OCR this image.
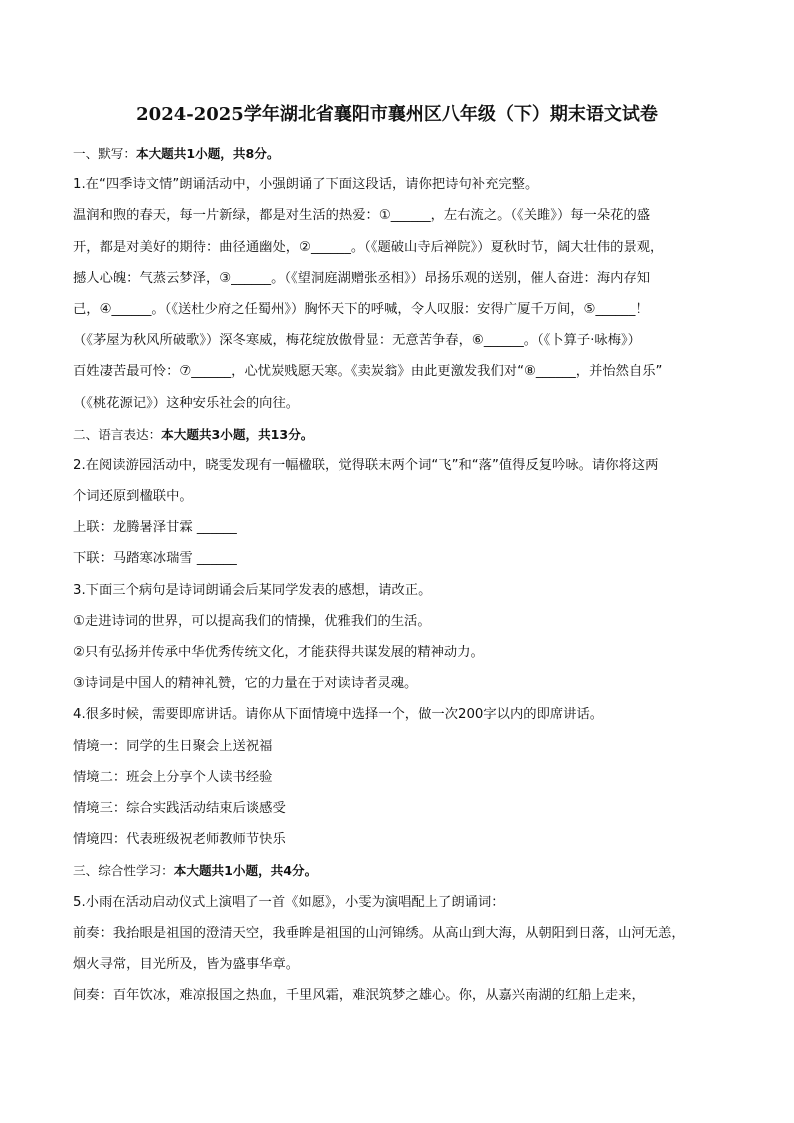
2024-2025学年湖北省襄阳市襄州区八年级（下）期末语文试卷
一、默写：本大题共1小题，共8分。
1.在“四季诗文情”朗诵活动中，小强朗诵了下面这段话，请你把诗句补充完整。
温润和煦的春天，每一片新绿，都是对生活的热爱：①______，左右流之。（《关雎》）每一朵花的盛
开，都是对美好的期待：曲径通幽处，②______。（《题破山寺后禅院》）夏秋时节，阔大壮伟的景观，
撼人心魄：气蒸云梦泽，③______。（《望洞庭湖赠张丞相》）昂扬乐观的送别，催人奋进：海内存知
己，④______。（《送杜少府之任蜀州》）胸怀天下的呼喊，令人叹服：安得广厦千万间，⑤______！
（《茅屋为秋风所破歌》）深冬寒威，梅花绽放傲骨显：无意苦争春，⑥______。（《卜算子·咏梅》）
百姓凄苦最可怜：⑦______，心忧炭贱愿天寒。《卖炭翁》由此更激发我们对“⑧______，并怡然自乐”
（《桃花源记》）这种安乐社会的向往。
二、语言表达：本大题共3小题，共13分。
2.在阅读游园活动中，晓雯发现有一幅楹联，觉得联末两个词“飞”和“落”值得反复吟咏。请你将这两
个词还原到楹联中。
上联：龙腾暑泽甘霖 ______
下联：马踏寒冰瑞雪 ______
3.下面三个病句是诗词朗诵会后某同学发表的感想，请改正。
①走进诗词的世界，可以提高我们的情操，优雅我们的生活。
②只有弘扬并传承中华优秀传统文化，才能获得共谋发展的精神动力。
③诗词是中国人的精神礼赞，它的力量在于对读诗者灵魂。
4.很多时候，需要即席讲话。请你从下面情境中选择一个，做一次200字以内的即席讲话。
情境一：同学的生日聚会上送祝福
情境二：班会上分享个人读书经验
情境三：综合实践活动结束后谈感受
情境四：代表班级祝老师教师节快乐
三、综合性学习：本大题共1小题，共4分。
5.小雨在活动启动仪式上演唱了一首《如愿》，小雯为演唱配上了朗诵词：
前奏：我抬眼是祖国的澄清天空，我垂眸是祖国的山河锦绣。从高山到大海，从朝阳到日落，山河无恙，
烟火寻常，目光所及，皆为盛事华章。
间奏：百年饮冰，难凉报国之热血，千里风霜，难泯筑梦之雄心。你，从嘉兴南湖的红船上走来，
